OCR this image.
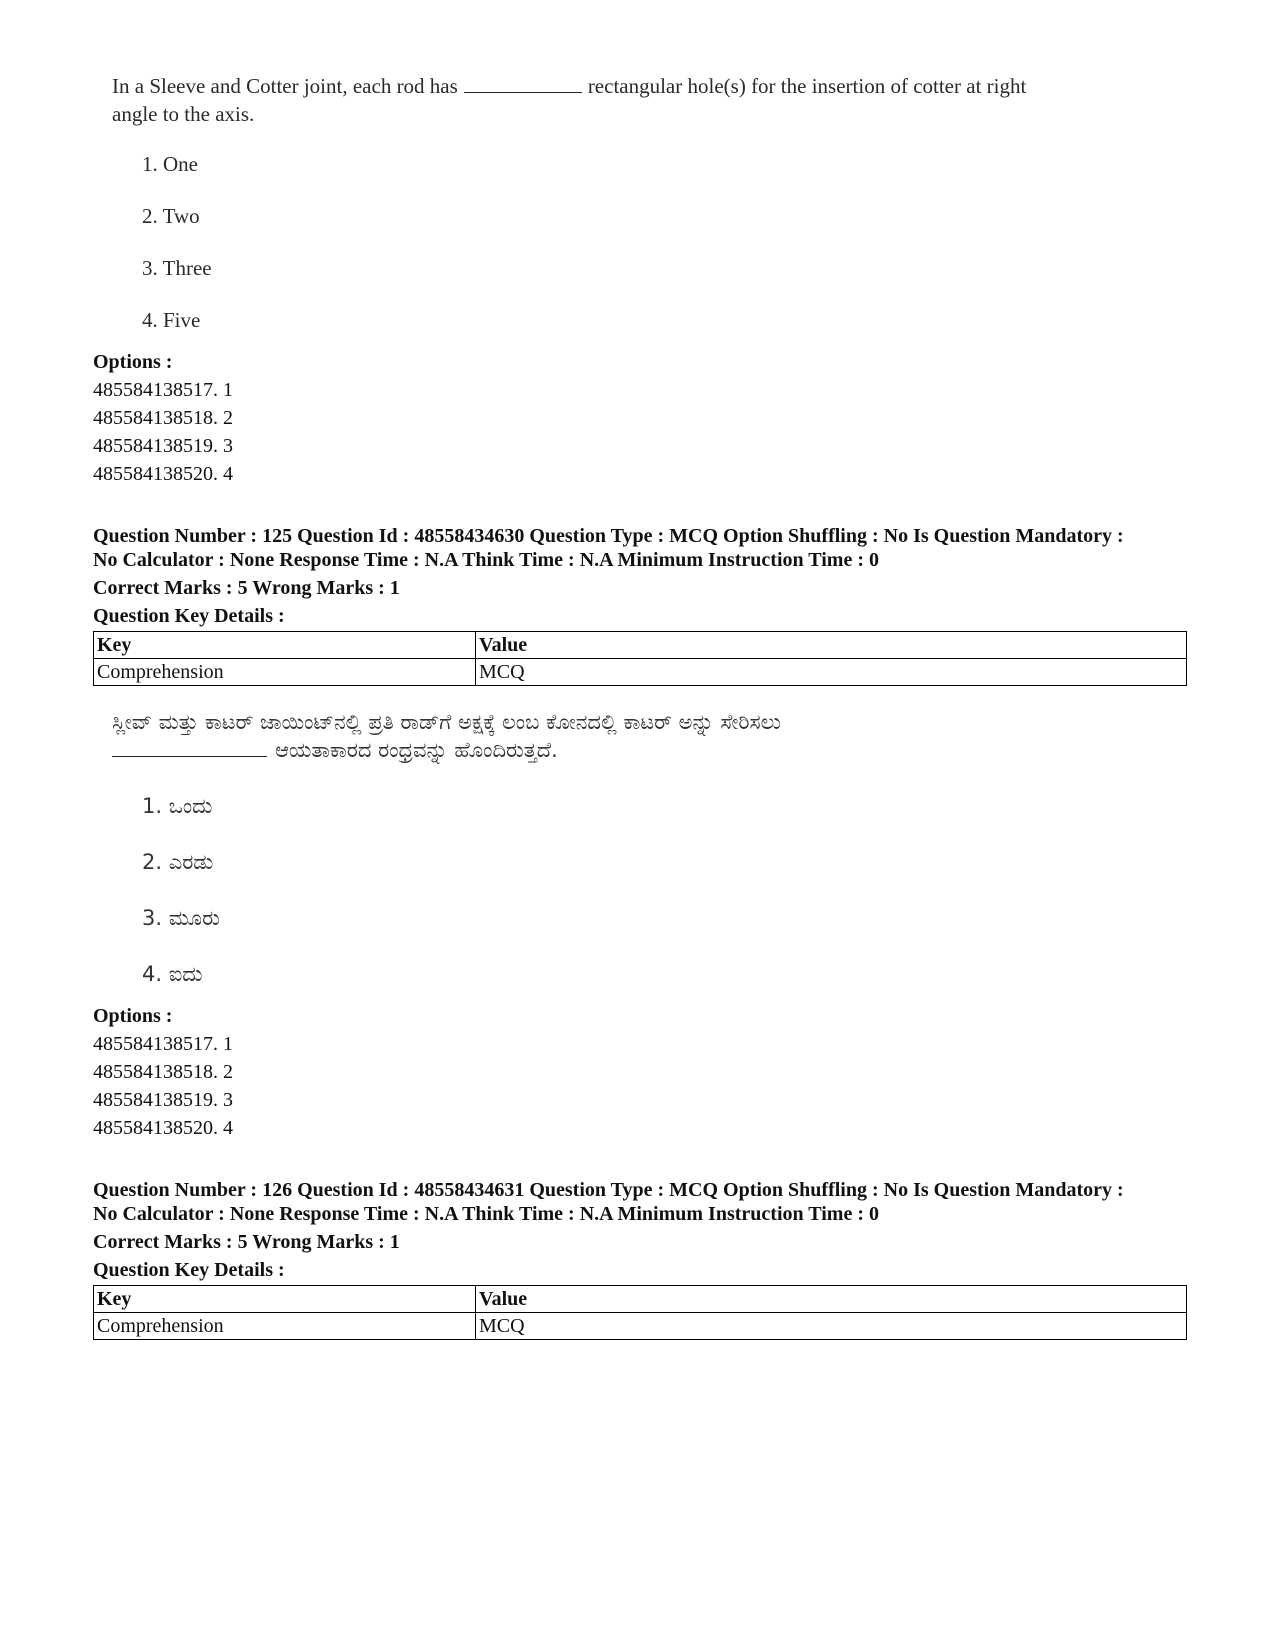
In a Sleeve and Cotter joint, each rod has	rectangular hole(s) for the insertion of cotter at right
angle to the axis.
1. One
2. Two
3. Three
4. Five
Options :
485584138517. 1
485584138518. 2
485584138519. 3
485584138520. 4
Question Number : 125 Question Id : 48558434630 Question Type : MCQ Option Shuffling : No Is Question Mandatory :
No Calculator : None Response Time : N.A Think Time : N.A Minimum Instruction Time : 0
Correct Marks : 5 Wrong Marks : 1
Question Key Details :
Key	Value
Comprehension	MCQ
ಸ್ಲೀವ್ ಮತ್ತು ಕಾಟರ್ ಜಾಯಿಂಟ್‌ನಲ್ಲಿ ಪ್ರತಿ ರಾಡ್‌ಗೆ ಅಕ್ಷಕ್ಕೆ ಲಂಬ ಕೋನದಲ್ಲಿ ಕಾಟರ್ ಅನ್ನು ಸೇರಿಸಲು
ಆಯತಾಕಾರದ ರಂಧ್ರವನ್ನು ಹೊಂದಿರುತ್ತದೆ.
1. ಒಂದು
2. ಎರಡು
3. ಮೂರು
4. ಐದು
Options :
485584138517. 1
485584138518. 2
485584138519. 3
485584138520. 4
Question Number : 126 Question Id : 48558434631 Question Type : MCQ Option Shuffling : No Is Question Mandatory :
No Calculator : None Response Time : N.A Think Time : N.A Minimum Instruction Time : 0
Correct Marks : 5 Wrong Marks : 1
Question Key Details :
Key	Value
Comprehension	MCQ
